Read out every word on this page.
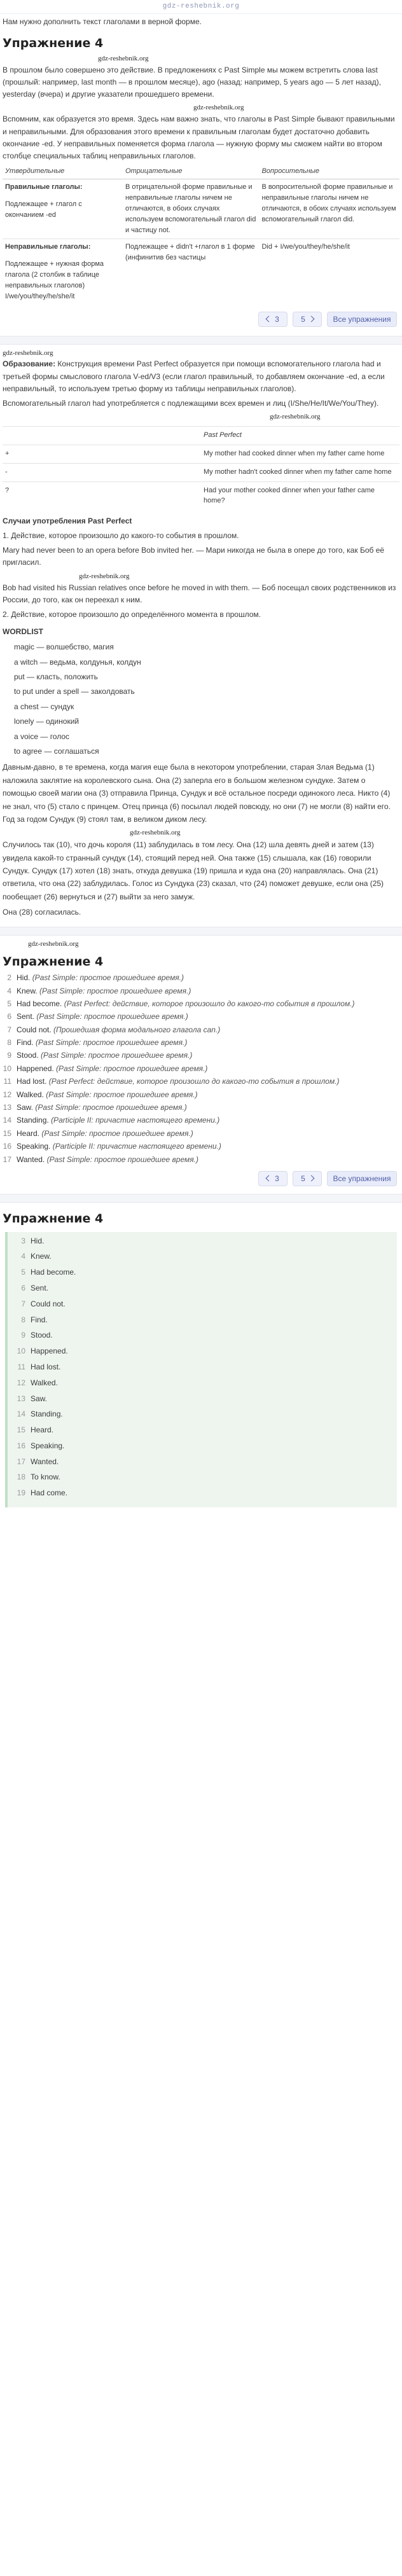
gdz-reshebnik.org
Нам нужно дополнить текст глаголами в верной форме.
Упражнение 4
gdz-reshebnik.org

В прошлом было совершено это действие. В предложениях с Past Simple мы можем встретить слова last (прошлый: например, last month — в прошлом месяце), ago (назад: например, 5 years ago — 5 лет назад), yesterday (вчера) и другие указатели прошедшего времени.

gdz-reshebnik.org

Вспомним, как образуется это время. Здесь нам важно знать, что глаголы в Past Simple бывают правильными и неправильными. Для образования этого времени к правильным глаголам будет достаточно добавить окончание -ed. У неправильных поменяется форма глагола — нужную форму мы сможем найти во втором столбце специальных таблиц неправильных глаголов.

Утвердительные	Отрицательные	Вопросительные

Правильные глаголы:
Подлежащее + глагол с окончанием -ed	В отрицательной форме правильные и неправильные глаголы ничем не отличаются, в обоих случаях используем вспомогательный глагол did и частицу not.	В вопросительной форме правильные и неправильные глаголы ничем не отличаются, в обоих случаях используем вспомогательный глагол did.

Неправильные глаголы:
Подлежащее + нужная форма глагола (2 столбик в таблице неправильных глаголов) I/we/you/they/he/she/it	Подлежащее + didn't +глагол в 1 форме (инфинитив без частицы	Did + I/we/you/they/he/she/it
3	5	Все упражнения
gdz-reshebnik.org

Образование: Конструкция времени Past Perfect образуется при помощи вспомогательного глагола had и третьей формы смыслового глагола V-ed/V3 (если глагол правильный, то добавляем окончание -ed, а если неправильный, то используем третью форму из таблицы неправильных глаголов).

Вспомогательный глагол had употребляется с подлежащими всех времен и лиц (I/She/He/It/We/You/They).

gdz-reshebnik.org
	Past Perfect
+	My mother had cooked dinner when my father came home
-	My mother hadn't cooked dinner when my father came home
?	Had your mother cooked dinner when your father came home?

Случаи употребления Past Perfect

1. Действие, которое произошло до какого-то события в прошлом.

Mary had never been to an opera before Bob invited her. — Мари никогда не была в опере до того, как Боб её пригласил.

gdz-reshebnik.org

Bob had visited his Russian relatives once before he moved in with them. — Боб посещал своих родственников из России, до того, как он переехал к ним.

2. Действие, которое произошло до определённого момента в прошлом.

WORDLIST

magic — волшебство, магия
a witch — ведьма, колдунья, колдун
put — класть, положить
to put under a spell — заколдовать
a chest — сундук
lonely — одинокий
a voice — голос
to agree — соглашаться

Давным-давно, в те времена, когда магия еще была в некотором употреблении, старая Злая Ведьма (1) наложила заклятие на королевского сына. Она (2) заперла его в большом железном сундуке. Затем о помощью своей магии она (3) отправила Принца, Сундук и всё остальное посреди одинокого леса. Никто (4) не знал, что (5) стало с принцем. Отец принца (6) посылал людей повсюду, но они (7) не могли (8) найти его. Год за годом Сундук (9) стоял там, в великом диком лесу.

gdz-reshebnik.org

Случилось так (10), что дочь короля (11) заблудилась в том лесу. Она (12) шла девять дней и затем (13) увидела какой-то странный сундук (14), стоящий перед ней. Она также (15) слышала, как (16) говорили Сундук. Сундук (17) хотел (18) знать, откуда девушка (19) пришла и куда она (20) направлялась. Она (21) ответила, что она (22) заблудилась. Голос из Сундука (23) сказал, что (24) поможет девушке, если она (25) пообещает (26) вернуться и (27) выйти за него замуж.

Она (28) согласилась.

gdz-reshebnik.org
Упражнение 4
2 Hid. (Past Simple: простое прошедшее время.)
4 Knew. (Past Simple: простое прошедшее время.)
5 Had become. (Past Perfect: действие, которое произошло до какого-то события в прошлом.)
6 Sent. (Past Simple: простое прошедшее время.)
7 Could not. (Прошедшая форма модального глагола can.)
8 Find. (Past Simple: простое прошедшее время.)
9 Stood. (Past Simple: простое прошедшее время.)
10 Happened. (Past Simple: простое прошедшее время.)
11 Had lost. (Past Perfect: действие, которое произошло до какого-то события в прошлом.)
12 Walked. (Past Simple: простое прошедшее время.)
13 Saw. (Past Simple: простое прошедшее время.)
14 Standing. (Participle II: причастие настоящего времени.)
15 Heard. (Past Simple: простое прошедшее время.)
16 Speaking. (Participle II: причастие настоящего времени.)
17 Wanted. (Past Simple: простое прошедшее время.)
3	5	Все упражнения
Упражнение 4
3 Hid.
4 Knew.
5 Had become.
6 Sent.
7 Could not.
8 Find.
9 Stood.
10 Happened.
11 Had lost.
12 Walked.
13 Saw.
14 Standing.
15 Heard.
16 Speaking.
17 Wanted.
18 To know.
19 Had come.
